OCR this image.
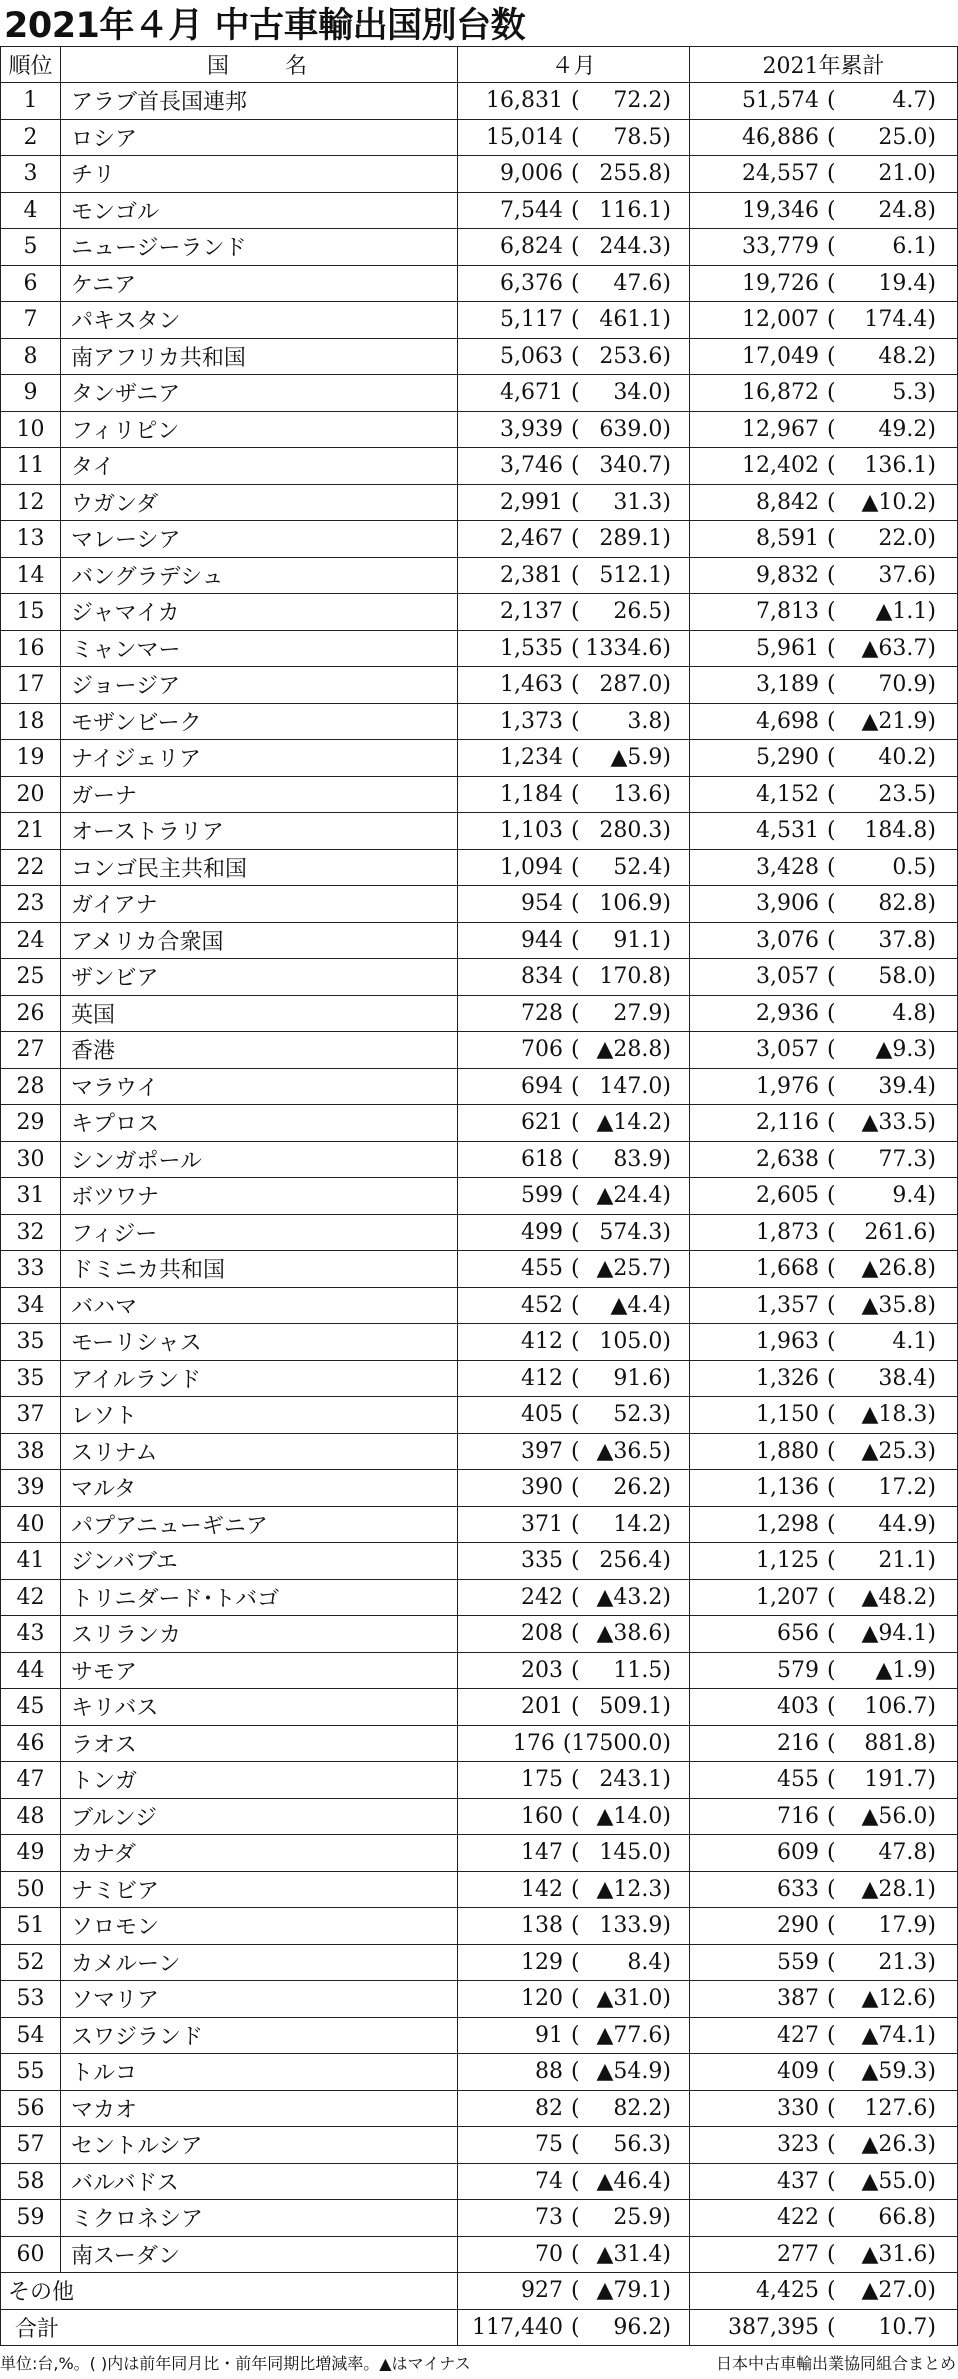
2021年４月 中古車輸出国別台数
順位	国　　名	４月	2021年累計
1	アラブ首長国連邦	16,831	( 72.2 )	51,574	( 4.7 )
2	ロシア	15,014	( 78.5 )	46,886	( 25.0 )
3	チリ	9,006	( 255.8 )	24,557	( 21.0 )
4	モンゴル	7,544	( 116.1 )	19,346	( 24.8 )
5	ニュージーランド	6,824	( 244.3 )	33,779	( 6.1 )
6	ケニア	6,376	( 47.6 )	19,726	( 19.4 )
7	パキスタン	5,117	( 461.1 )	12,007	( 174.4 )
8	南アフリカ共和国	5,063	( 253.6 )	17,049	( 48.2 )
9	タンザニア	4,671	( 34.0 )	16,872	( 5.3 )
10	フィリピン	3,939	( 639.0 )	12,967	( 49.2 )
11	タイ	3,746	( 340.7 )	12,402	( 136.1 )
12	ウガンダ	2,991	( 31.3 )	8,842	( ▲10.2 )
13	マレーシア	2,467	( 289.1 )	8,591	( 22.0 )
14	バングラデシュ	2,381	( 512.1 )	9,832	( 37.6 )
15	ジャマイカ	2,137	( 26.5 )	7,813	( ▲1.1 )
16	ミャンマー	1,535	( 1334.6 )	5,961	( ▲63.7 )
17	ジョージア	1,463	( 287.0 )	3,189	( 70.9 )
18	モザンビーク	1,373	( 3.8 )	4,698	( ▲21.9 )
19	ナイジェリア	1,234	( ▲5.9 )	5,290	( 40.2 )
20	ガーナ	1,184	( 13.6 )	4,152	( 23.5 )
21	オーストラリア	1,103	( 280.3 )	4,531	( 184.8 )
22	コンゴ民主共和国	1,094	( 52.4 )	3,428	( 0.5 )
23	ガイアナ	954	( 106.9 )	3,906	( 82.8 )
24	アメリカ合衆国	944	( 91.1 )	3,076	( 37.8 )
25	ザンビア	834	( 170.8 )	3,057	( 58.0 )
26	英国	728	( 27.9 )	2,936	( 4.8 )
27	香港	706	( ▲28.8 )	3,057	( ▲9.3 )
28	マラウイ	694	( 147.0 )	1,976	( 39.4 )
29	キプロス	621	( ▲14.2 )	2,116	( ▲33.5 )
30	シンガポール	618	( 83.9 )	2,638	( 77.3 )
31	ボツワナ	599	( ▲24.4 )	2,605	( 9.4 )
32	フィジー	499	( 574.3 )	1,873	( 261.6 )
33	ドミニカ共和国	455	( ▲25.7 )	1,668	( ▲26.8 )
34	バハマ	452	( ▲4.4 )	1,357	( ▲35.8 )
35	モーリシャス	412	( 105.0 )	1,963	( 4.1 )
35	アイルランド	412	( 91.6 )	1,326	( 38.4 )
37	レソト	405	( 52.3 )	1,150	( ▲18.3 )
38	スリナム	397	( ▲36.5 )	1,880	( ▲25.3 )
39	マルタ	390	( 26.2 )	1,136	( 17.2 )
40	パプアニューギニア	371	( 14.2 )	1,298	( 44.9 )
41	ジンバブエ	335	( 256.4 )	1,125	( 21.1 )
42	トリニダード･トバゴ	242	( ▲43.2 )	1,207	( ▲48.2 )
43	スリランカ	208	( ▲38.6 )	656	( ▲94.1 )
44	サモア	203	( 11.5 )	579	( ▲1.9 )
45	キリバス	201	( 509.1 )	403	( 106.7 )
46	ラオス	176 ( 17500.0 )	216	( 881.8 )
47	トンガ	175	( 243.1 )	455	( 191.7 )
48	ブルンジ	160	( ▲14.0 )	716	( ▲56.0 )
49	カナダ	147	( 145.0 )	609	( 47.8 )
50	ナミビア	142	( ▲12.3 )	633	( ▲28.1 )
51	ソロモン	138	( 133.9 )	290	( 17.9 )
52	カメルーン	129	( 8.4 )	559	( 21.3 )
53	ソマリア	120	( ▲31.0 )	387	( ▲12.6 )
54	スワジランド	91	( ▲77.6 )	427	( ▲74.1 )
55	トルコ	88	( ▲54.9 )	409	( ▲59.3 )
56	マカオ	82	( 82.2 )	330	( 127.6 )
57	セントルシア	75	( 56.3 )	323	( ▲26.3 )
58	バルバドス	74	( ▲46.4 )	437	( ▲55.0 )
59	ミクロネシア	73	( 25.9 )	422	( 66.8 )
60	南スーダン	70	( ▲31.4 )	277	( ▲31.6 )
その他	927	( ▲79.1 )	4,425	( ▲27.0 )
合計	117,440	( 96.2 )	387,395	( 10.7 )
単位:台,%。( )内は前年同月比・前年同期比増減率。▲はマイナス	日本中古車輸出業協同組合まとめ
